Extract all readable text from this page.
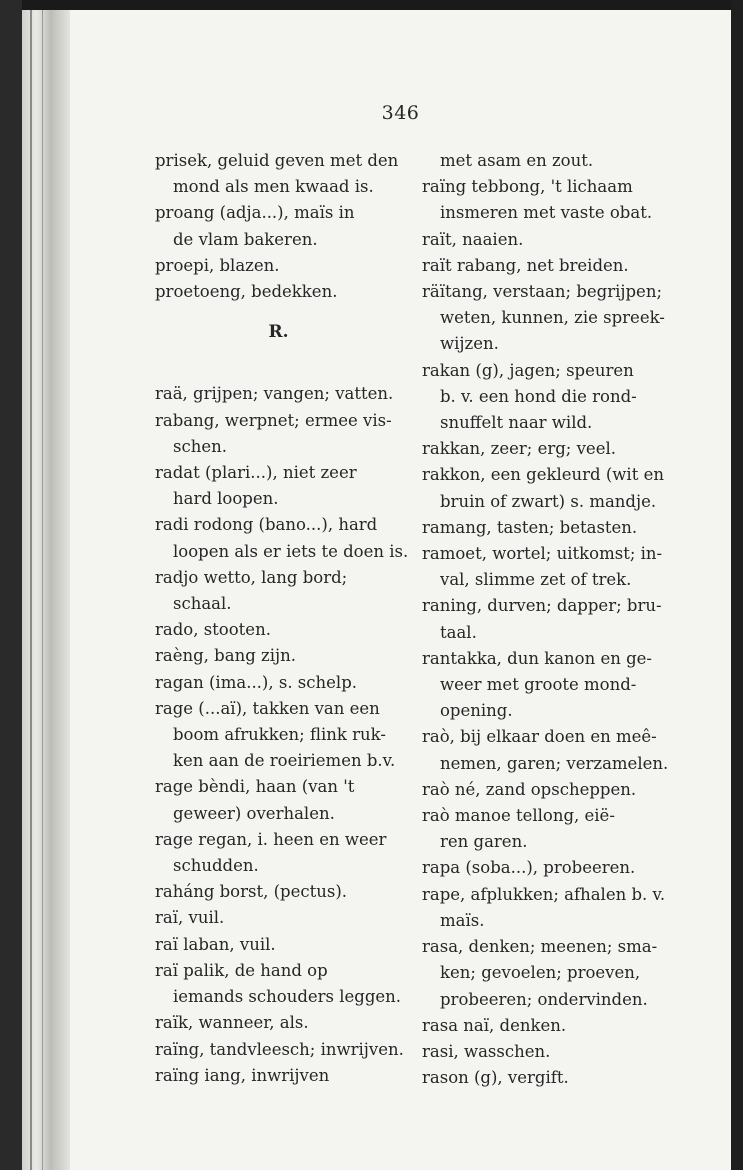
346
prisek, geluid geven met den
mond als men kwaad is.
proang (adja...), maïs in
de vlam bakeren.
proepi, blazen.
proetoeng, bedekken.
R.
raä, grijpen; vangen; vatten.
rabang, werpnet; ermee vis-
schen.
radat (plari...), niet zeer
hard loopen.
radi rodong (bano...), hard
loopen als er iets te doen is.
radjo wetto, lang bord;
schaal.
rado, stooten.
raèng, bang zijn.
ragan (ima...), s. schelp.
rage (...aï), takken van een
boom afrukken; flink ruk-
ken aan de roeiriemen b.v.
rage bèndi, haan (van 't
geweer) overhalen.
rage regan, i. heen en weer
schudden.
raháng borst, (pectus).
raï, vuil.
raï laban, vuil.
raï palik, de hand op
iemands schouders leggen.
raïk, wanneer, als.
raïng, tandvleesch; inwrijven.
raïng iang, inwrijven
met asam en zout.
raïng tebbong, 't lichaam
insmeren met vaste obat.
raït, naaien.
raït rabang, net breiden.
räïtang, verstaan; begrijpen;
weten, kunnen, zie spreek-
wijzen.
rakan (g), jagen; speuren
b. v. een hond die rond-
snuffelt naar wild.
rakkan, zeer; erg; veel.
rakkon, een gekleurd (wit en
bruin of zwart) s. mandje.
ramang, tasten; betasten.
ramoet, wortel; uitkomst; in-
val, slimme zet of trek.
raning, durven; dapper; bru-
taal.
rantakka, dun kanon en ge-
weer met groote mond-
opening.
raò, bij elkaar doen en meê-
nemen, garen; verzamelen.
raò né, zand opscheppen.
raò manoe tellong, eië-
ren garen.
rapa (soba...), probeeren.
rape, afplukken; afhalen b. v.
maïs.
rasa, denken; meenen; sma-
ken; gevoelen; proeven,
probeeren; ondervinden.
rasa naï, denken.
rasi, wasschen.
rason (g), vergift.
